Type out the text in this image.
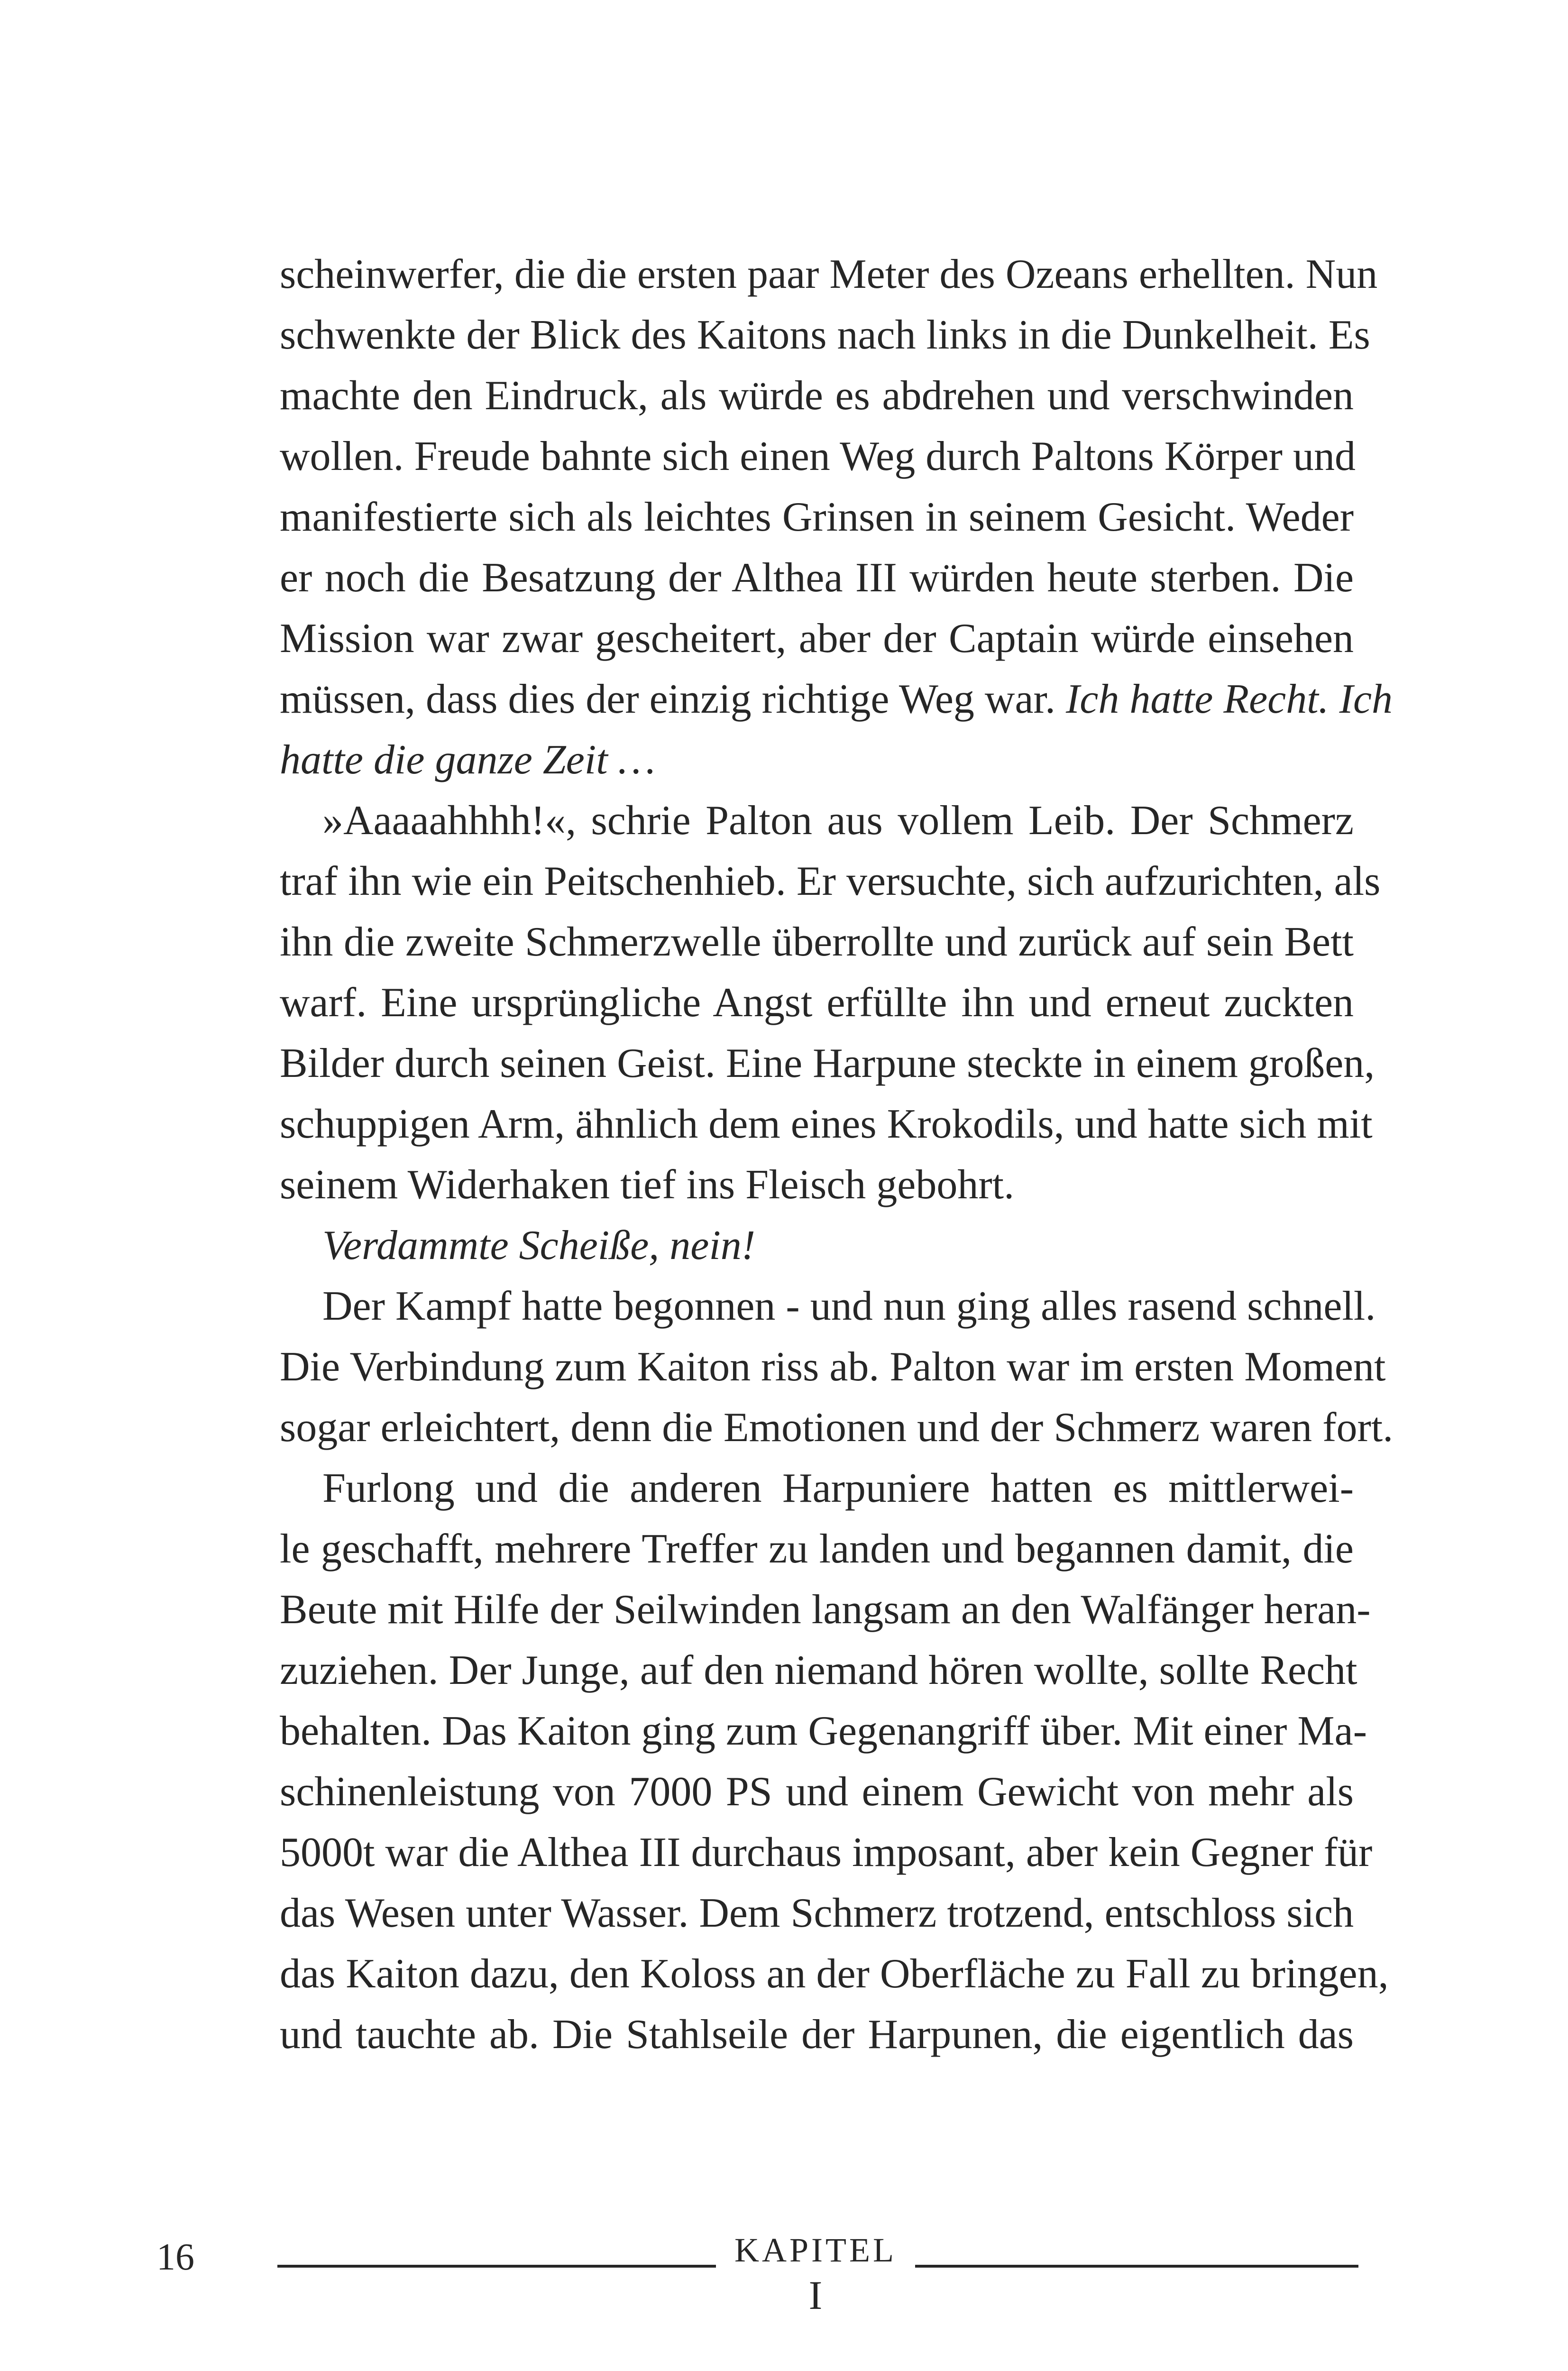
scheinwerfer, die die ersten paar Meter des Ozeans erhellten. Nun
schwenkte der Blick des Kaitons nach links in die Dunkelheit. Es
machte den Eindruck, als würde es abdrehen und verschwinden
wollen. Freude bahnte sich einen Weg durch Paltons Körper und
manifestierte sich als leichtes Grinsen in seinem Gesicht. Weder
er noch die Besatzung der Althea III würden heute sterben. Die
Mission war zwar gescheitert, aber der Captain würde einsehen
müssen, dass dies der einzig richtige Weg war. Ich hatte Recht. Ich
hatte die ganze Zeit …
»Aaaaahhhh!«, schrie Palton aus vollem Leib. Der Schmerz
traf ihn wie ein Peitschenhieb. Er versuchte, sich aufzurichten, als
ihn die zweite Schmerzwelle überrollte und zurück auf sein Bett
warf. Eine ursprüngliche Angst erfüllte ihn und erneut zuckten
Bilder durch seinen Geist. Eine Harpune steckte in einem großen,
schuppigen Arm, ähnlich dem eines Krokodils, und hatte sich mit
seinem Widerhaken tief ins Fleisch gebohrt.
Verdammte Scheiße, nein!
Der Kampf hatte begonnen - und nun ging alles rasend schnell.
Die Verbindung zum Kaiton riss ab. Palton war im ersten Moment
sogar erleichtert, denn die Emotionen und der Schmerz waren fort.
Furlong und die anderen Harpuniere hatten es mittlerwei-
le geschafft, mehrere Treffer zu landen und begannen damit, die
Beute mit Hilfe der Seilwinden langsam an den Walfänger heran-
zuziehen. Der Junge, auf den niemand hören wollte, sollte Recht
behalten. Das Kaiton ging zum Gegenangriff über. Mit einer Ma-
schinenleistung von 7000 PS und einem Gewicht von mehr als
5000t war die Althea III durchaus imposant, aber kein Gegner für
das Wesen unter Wasser. Dem Schmerz trotzend, entschloss sich
das Kaiton dazu, den Koloss an der Oberfläche zu Fall zu bringen,
und tauchte ab. Die Stahlseile der Harpunen, die eigentlich das
16	KAPITEL
I
